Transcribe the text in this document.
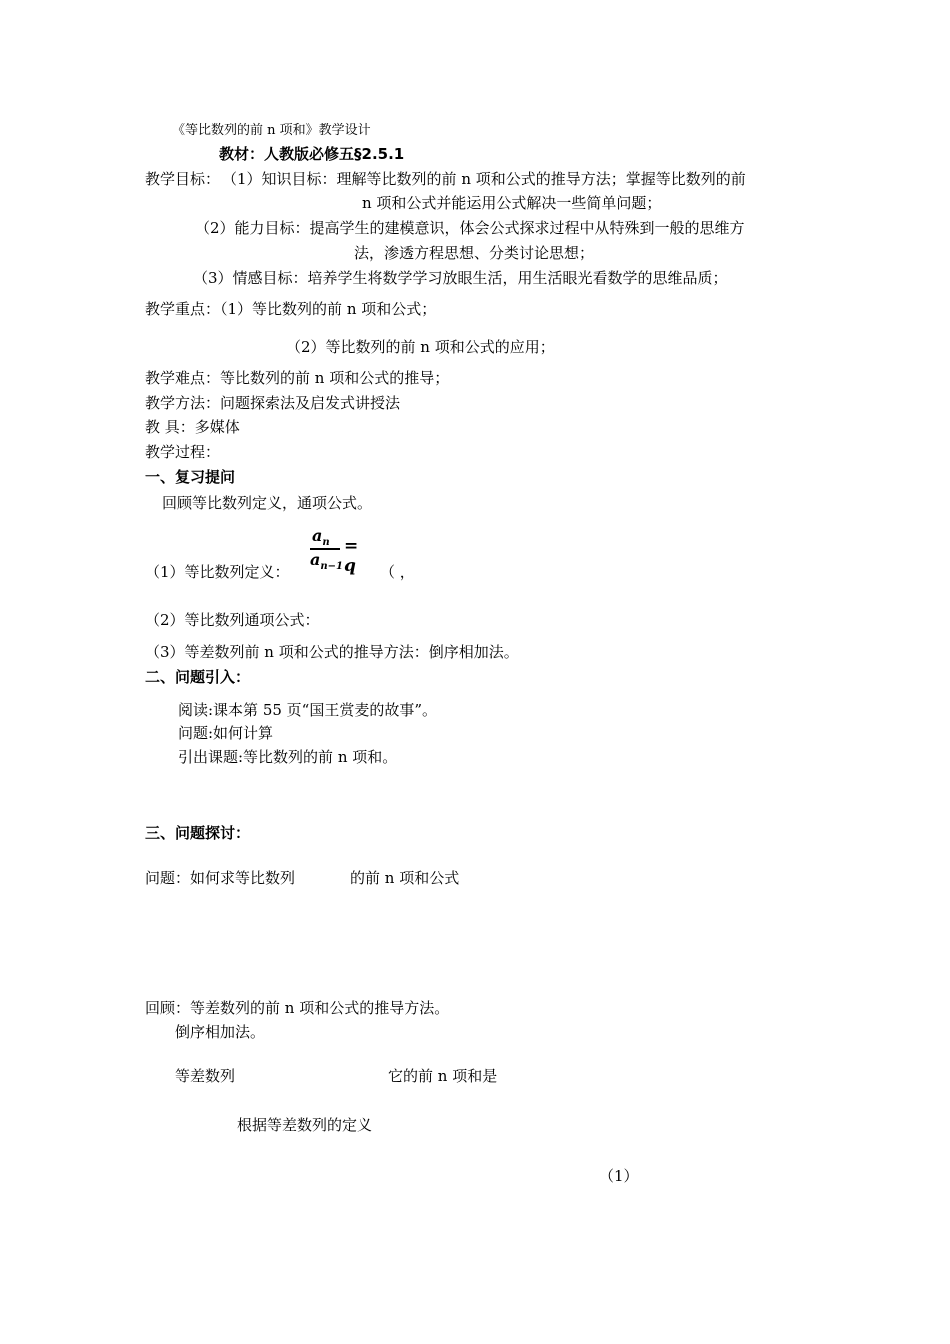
《等比数列的前 n 项和》教学设计
教材：人教版必修五§2.5.1
教学目标： （1）知识目标：理解等比数列的前 n 项和公式的推导方法；掌握等比数列的前
n 项和公式并能运用公式解决一些简单问题；
（2）能力目标：提高学生的建模意识，体会公式探求过程中从特殊到一般的思维方
法，渗透方程思想、分类讨论思想；
（3）情感目标：培养学生将数学学习放眼生活，用生活眼光看数学的思维品质；
教学重点：（1）等比数列的前 n 项和公式；
（2）等比数列的前 n 项和公式的应用；
教学难点：等比数列的前 n 项和公式的推导；
教学方法：问题探索法及启发式讲授法
教 具：多媒体
教学过程：
一、复习提问
回顾等比数列定义，通项公式。
（1）等比数列定义：
$a_n$
$a_{n-1}$
= q	（ ，
（2）等比数列通项公式：
（3）等差数列前 n 项和公式的推导方法：倒序相加法。
二、问题引入：
阅读:课本第 55 页“国王赏麦的故事”。
问题:如何计算
引出课题:等比数列的前 n 项和。
三、问题探讨：
问题：如何求等比数列	的前 n 项和公式
回顾：等差数列的前 n 项和公式的推导方法。
倒序相加法。
等差数列	它的前 n 项和是
根据等差数列的定义
（1）
